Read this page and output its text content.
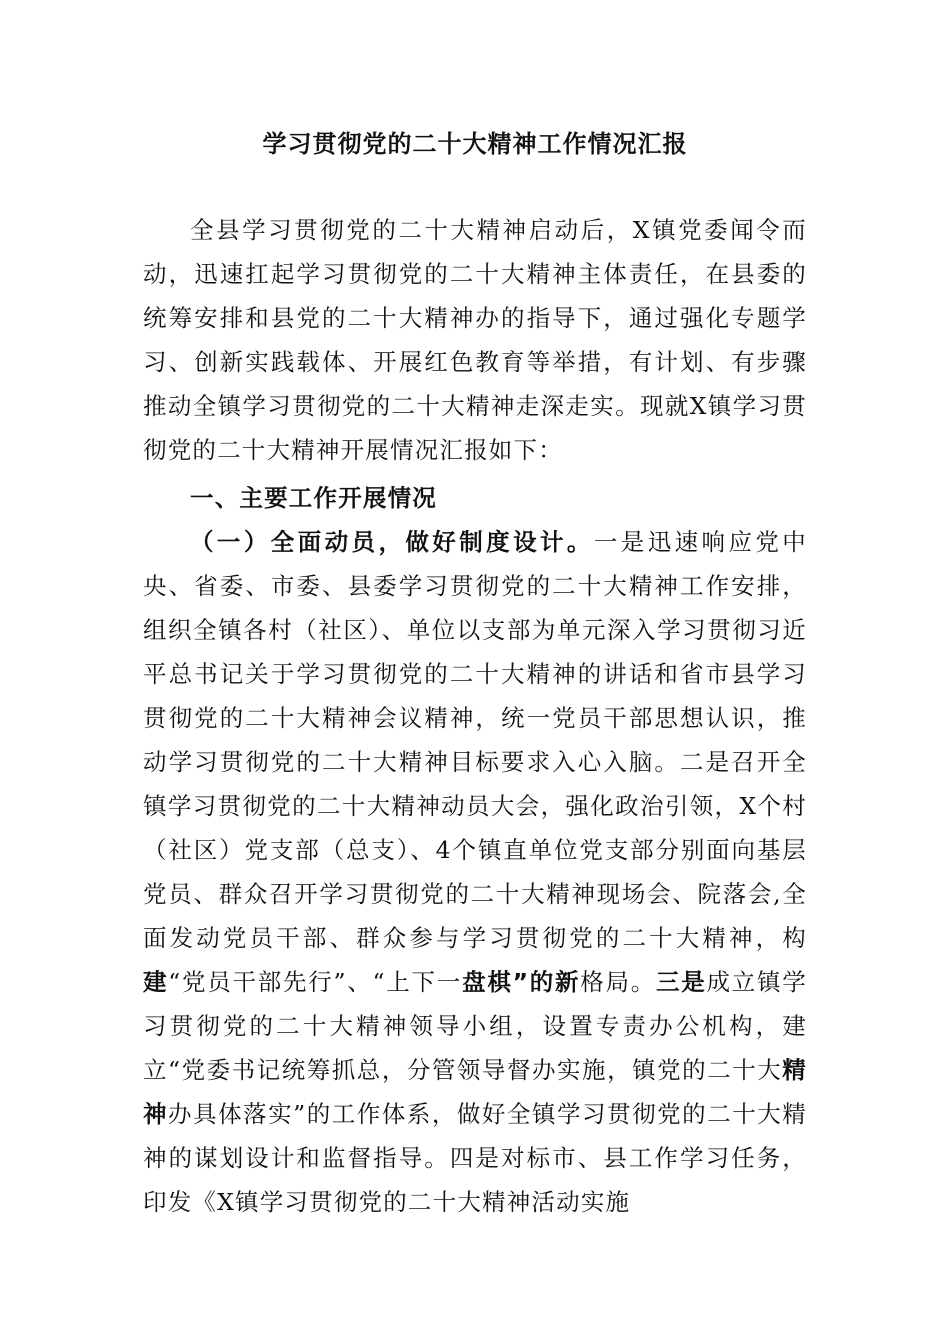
学习贯彻党的二十大精神工作情况汇报

全县学习贯彻党的二十大精神启动后，X镇党委闻令而动，迅速扛起学习贯彻党的二十大精神主体责任，在县委的统筹安排和县党的二十大精神办的指导下，通过强化专题学习、创新实践载体、开展红色教育等举措，有计划、有步骤推动全镇学习贯彻党的二十大精神走深走实。现就X镇学习贯彻党的二十大精神开展情况汇报如下：

一、主要工作开展情况

（一）全面动员，做好制度设计。一是迅速响应党中央、省委、市委、县委学习贯彻党的二十大精神工作安排，组织全镇各村（社区）、单位以支部为单元深入学习贯彻习近平总书记关于学习贯彻党的二十大精神的讲话和省市县学习贯彻党的二十大精神会议精神，统一党员干部思想认识，推动学习贯彻党的二十大精神目标要求入心入脑。二是召开全镇学习贯彻党的二十大精神动员大会，强化政治引领，X个村（社区）党支部（总支）、4个镇直单位党支部分别面向基层党员、群众召开学习贯彻党的二十大精神现场会、院落会,全面发动党员干部、群众参与学习贯彻党的二十大精神，构建“党员干部先行”、“上下一盘棋”的新格局。三是成立镇学习贯彻党的二十大精神领导小组，设置专责办公机构，建立“党委书记统筹抓总，分管领导督办实施，镇党的二十大精神办具体落实”的工作体系，做好全镇学习贯彻党的二十大精神的谋划设计和监督指导。四是对标市、县工作学习任务，印发《X镇学习贯彻党的二十大精神活动实施
